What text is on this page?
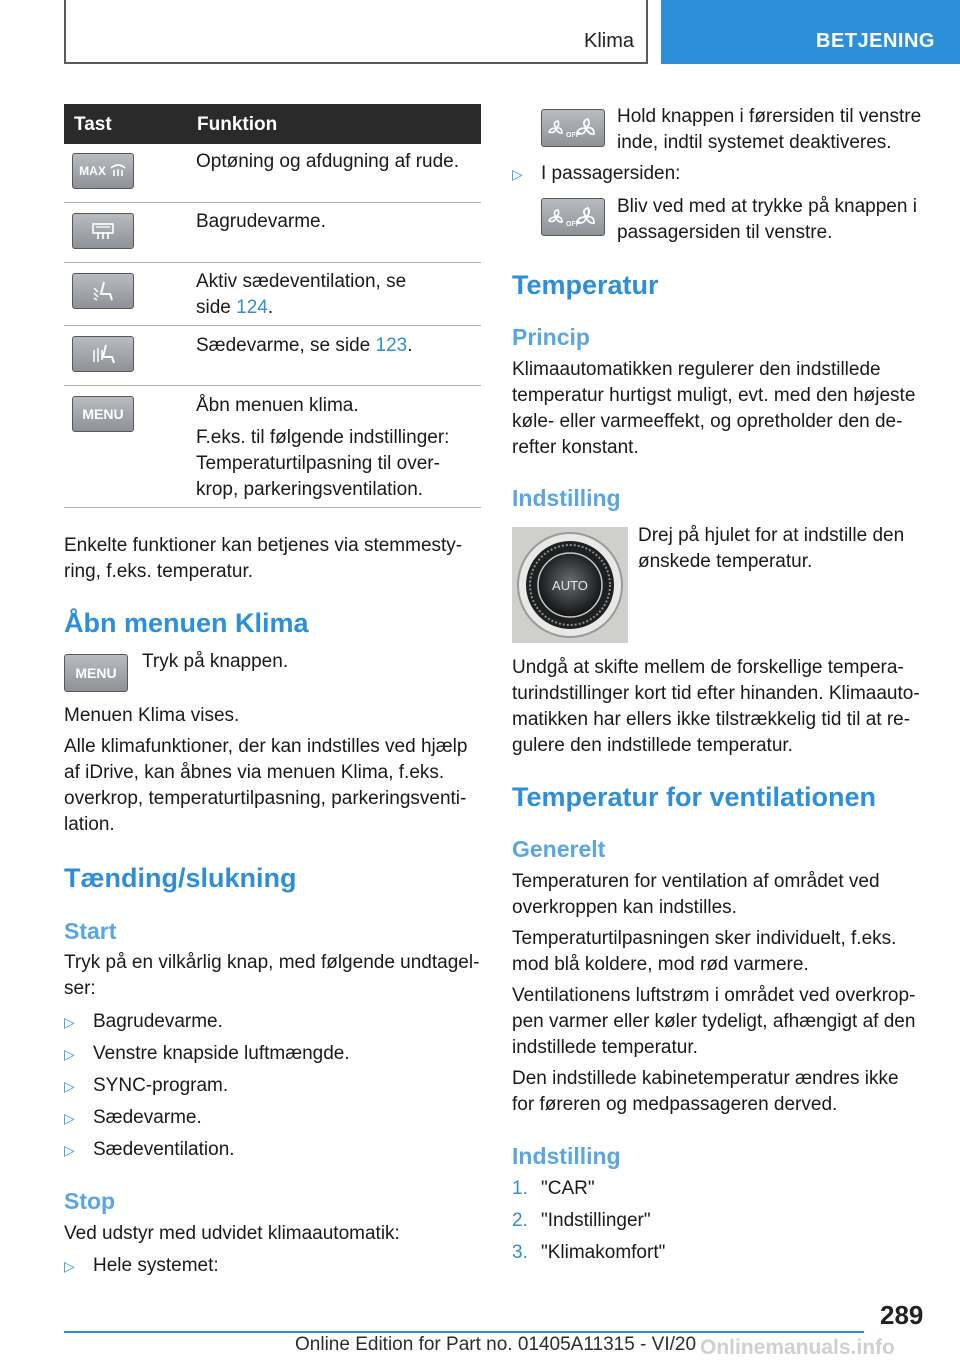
Klima	BETJENING
Tast	Funktion
MAX	Optøning og afdugning af rude.
Bagrudevarme.
Aktiv sædeventilation, se
side 124.
Sædevarme, se side 123.
MENU	Åbn menuen klima.
F.eks. til følgende indstillinger:
Temperaturtilpasning til over-
krop, parkeringsventilation.

Enkelte funktioner kan betjenes via stemmesty-
ring, f.eks. temperatur.

Åbn menuen Klima
MENU

Tryk på knappen.

Menuen Klima vises.

Alle klimafunktioner, der kan indstilles ved hjælp
af iDrive, kan åbnes via menuen Klima, f.eks.
overkrop, temperaturtilpasning, parkeringsventi-
lation.

Tænding/slukning
Start

Tryk på en vilkårlig knap, med følgende undtagel-
ser:

▷ Bagrudevarme.
▷ Venstre knapside luftmængde.
▷ SYNC-program.
▷ Sædevarme.
▷ Sædeventilation.
Stop

Ved udstyr med udvidet klimaautomatik:

▷ Hele systemet:
OFF

Hold knappen i førersiden til venstre
inde, indtil systemet deaktiveres.

▷ I passagersiden:
OFF

Bliv ved med at trykke på knappen i
passagersiden til venstre.

Temperatur
Princip

Klimaautomatikken regulerer den indstillede
temperatur hurtigst muligt, evt. med den højeste
køle- eller varmeeffekt, og opretholder den de-
refter konstant.

Indstilling
AUTO

Drej på hjulet for at indstille den
ønskede temperatur.

Undgå at skifte mellem de forskellige tempera-
turindstillinger kort tid efter hinanden. Klimaauto-
matikken har ellers ikke tilstrækkelig tid til at re-
gulere den indstillede temperatur.

Temperatur for ventilationen
Generelt

Temperaturen for ventilation af området ved
overkroppen kan indstilles.

Temperaturtilpasningen sker individuelt, f.eks.
mod blå koldere, mod rød varmere.

Ventilationens luftstrøm i området ved overkrop-
pen varmer eller køler tydeligt, afhængigt af den
indstillede temperatur.

Den indstillede kabinetemperatur ændres ikke
for føreren og medpassageren derved.

Indstilling
1. "CAR"
2. "Indstillinger"
3. "Klimakomfort"
289
Online Edition for Part no. 01405A11315 - VI/20 Onlinemanuals.info
